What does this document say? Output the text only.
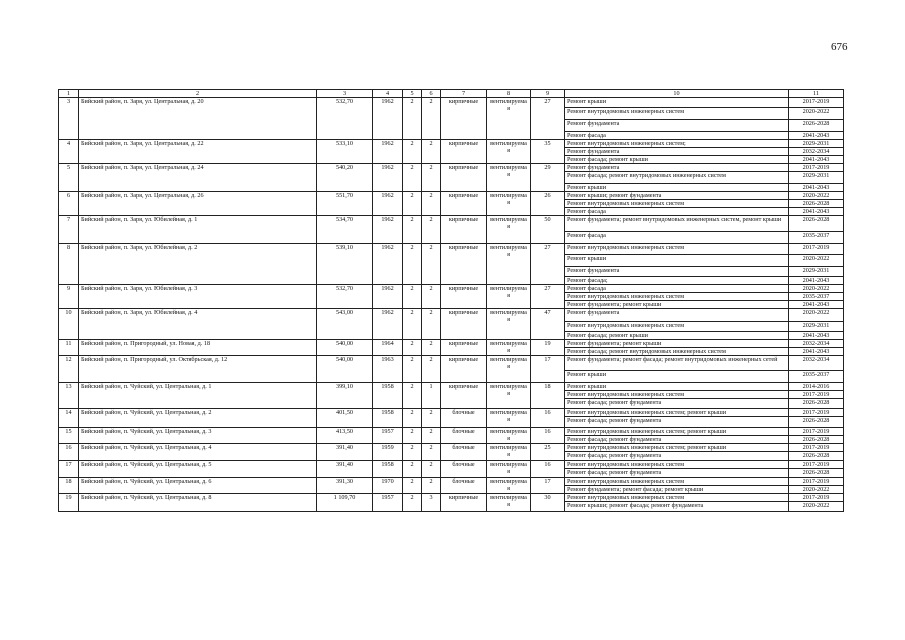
676
1	2	3	4	5	6	7	8	9	10	11
3	Бийский район, п. Заря, ул. Центральная, д. 20	532,70	1962	2	2	кирпичные	вентилируема я	27	Ремонт крыши	2017-2019
									Ремонт внутридомовых инженерных систем	2020-2022
									Ремонт фундамента	2026-2028
									Ремонт фасада	2041-2043
4	Бийский район, п. Заря, ул. Центральная, д. 22	533,10	1962	2	2	кирпичные	вентилируема я	35	Ремонт внутридомовых инженерных систем;	2029-2031
									Ремонт фундамента	2032-2034
									Ремонт фасада; ремонт крыши	2041-2043
5	Бийский район, п. Заря, ул. Центральная, д. 24	540,20	1962	2	2	кирпичные	вентилируема я	29	Ремонт фундамента	2017-2019
									Ремонт фасада; ремонт внутридомовых инженерных систем	2029-2031
									Ремонт крыши	2041-2043
6	Бийский район, п. Заря, ул. Центральная, д. 26	551,70	1962	2	2	кирпичные	вентилируема я	26	Ремонт крыши; ремонт фундамента	2020-2022
									Ремонт внутридомовых инженерных систем	2026-2028
									Ремонт фасада	2041-2043
7	Бийский район, п. Заря, ул. Юбилейная, д. 1	534,70	1962	2	2	кирпичные	вентилируема я	50	Ремонт фундамента; ремонт внутридомовых инженерных систем, ремонт крыши	2026-2028
									Ремонт фасада	2035-2037
8	Бийский район, п. Заря, ул. Юбилейная, д. 2	539,10	1962	2	2	кирпичные	вентилируема я	27	Ремонт внутридомовых инженерных систем	2017-2019
									Ремонт крыши	2020-2022
									Ремонт фундамента	2029-2031
									Ремонт фасада;	2041-2043
9	Бийский район, п. Заря, ул. Юбилейная, д. 3	532,70	1962	2	2	кирпичные	вентилируема я	27	Ремонт фасада	2020-2022
									Ремонт внутридомовых инженерных систем	2035-2037
									Ремонт фундамента; ремонт крыши	2041-2043
10	Бийский район, п. Заря, ул. Юбилейная, д. 4	543,00	1962	2	2	кирпичные	вентилируема я	47	Ремонт фундамента	2020-2022
									Ремонт внутридомовых инженерных систем	2029-2031
									Ремонт фасада; ремонт крыши	2041-2043
11	Бийский район, п. Пригородный, ул. Новая, д. 18	540,00	1964	2	2	кирпичные	вентилируема я	19	Ремонт фундамента; ремонт крыши	2032-2034
									Ремонт фасада; ремонт внутридомовых инженерных систем	2041-2043
12	Бийский район, п. Пригородный, ул. Октябрьская, д. 12	540,00	1963	2	2	кирпичные	вентилируема я	17	Ремонт фундамента; ремонт фасада; ремонт внутридомовых инженерных сетей	2032-2034
									Ремонт крыши	2035-2037
13	Бийский район, п. Чуйский, ул. Центральная, д. 1	399,10	1958	2	1	кирпичные	вентилируема я	18	Ремонт крыши	2014-2016
									Ремонт внутридомовых инженерных систем	2017-2019
									Ремонт фасада; ремонт фундамента	2026-2028
14	Бийский район, п. Чуйский, ул. Центральная, д. 2	401,50	1958	2	2	блочные	вентилируема я	16	Ремонт внутридомовых инженерных систем; ремонт крыши	2017-2019
									Ремонт фасада; ремонт фундамента	2026-2028
15	Бийский район, п. Чуйский, ул. Центральная, д. 3	413,50	1957	2	2	блочные	вентилируема я	16	Ремонт внутридомовых инженерных систем; ремонт крыши	2017-2019
									Ремонт фасада; ремонт фундамента	2026-2028
16	Бийский район, п. Чуйский, ул. Центральная, д. 4	391,40	1959	2	2	блочные	вентилируема я	25	Ремонт внутридомовых инженерных систем; ремонт крыши	2017-2019
									Ремонт фасада; ремонт фундамента	2026-2028
17	Бийский район, п. Чуйский, ул. Центральная, д. 5	391,40	1958	2	2	блочные	вентилируема я	16	Ремонт внутридомовых инженерных систем	2017-2019
									Ремонт фасада; ремонт фундамента	2026-2028
18	Бийский район, п. Чуйский, ул. Центральная, д. 6	391,30	1970	2	2	блочные	вентилируема я	17	Ремонт внутридомовых инженерных систем	2017-2019
									Ремонт фундамента; ремонт фасада; ремонт крыши	2020-2022
19	Бийский район, п. Чуйский, ул. Центральная, д. 8	1 109,70	1957	2	3	кирпичные	вентилируема я	30	Ремонт внутридомовых инженерных систем	2017-2019
									Ремонт крыши; ремонт фасада; ремонт фундамента	2020-2022
